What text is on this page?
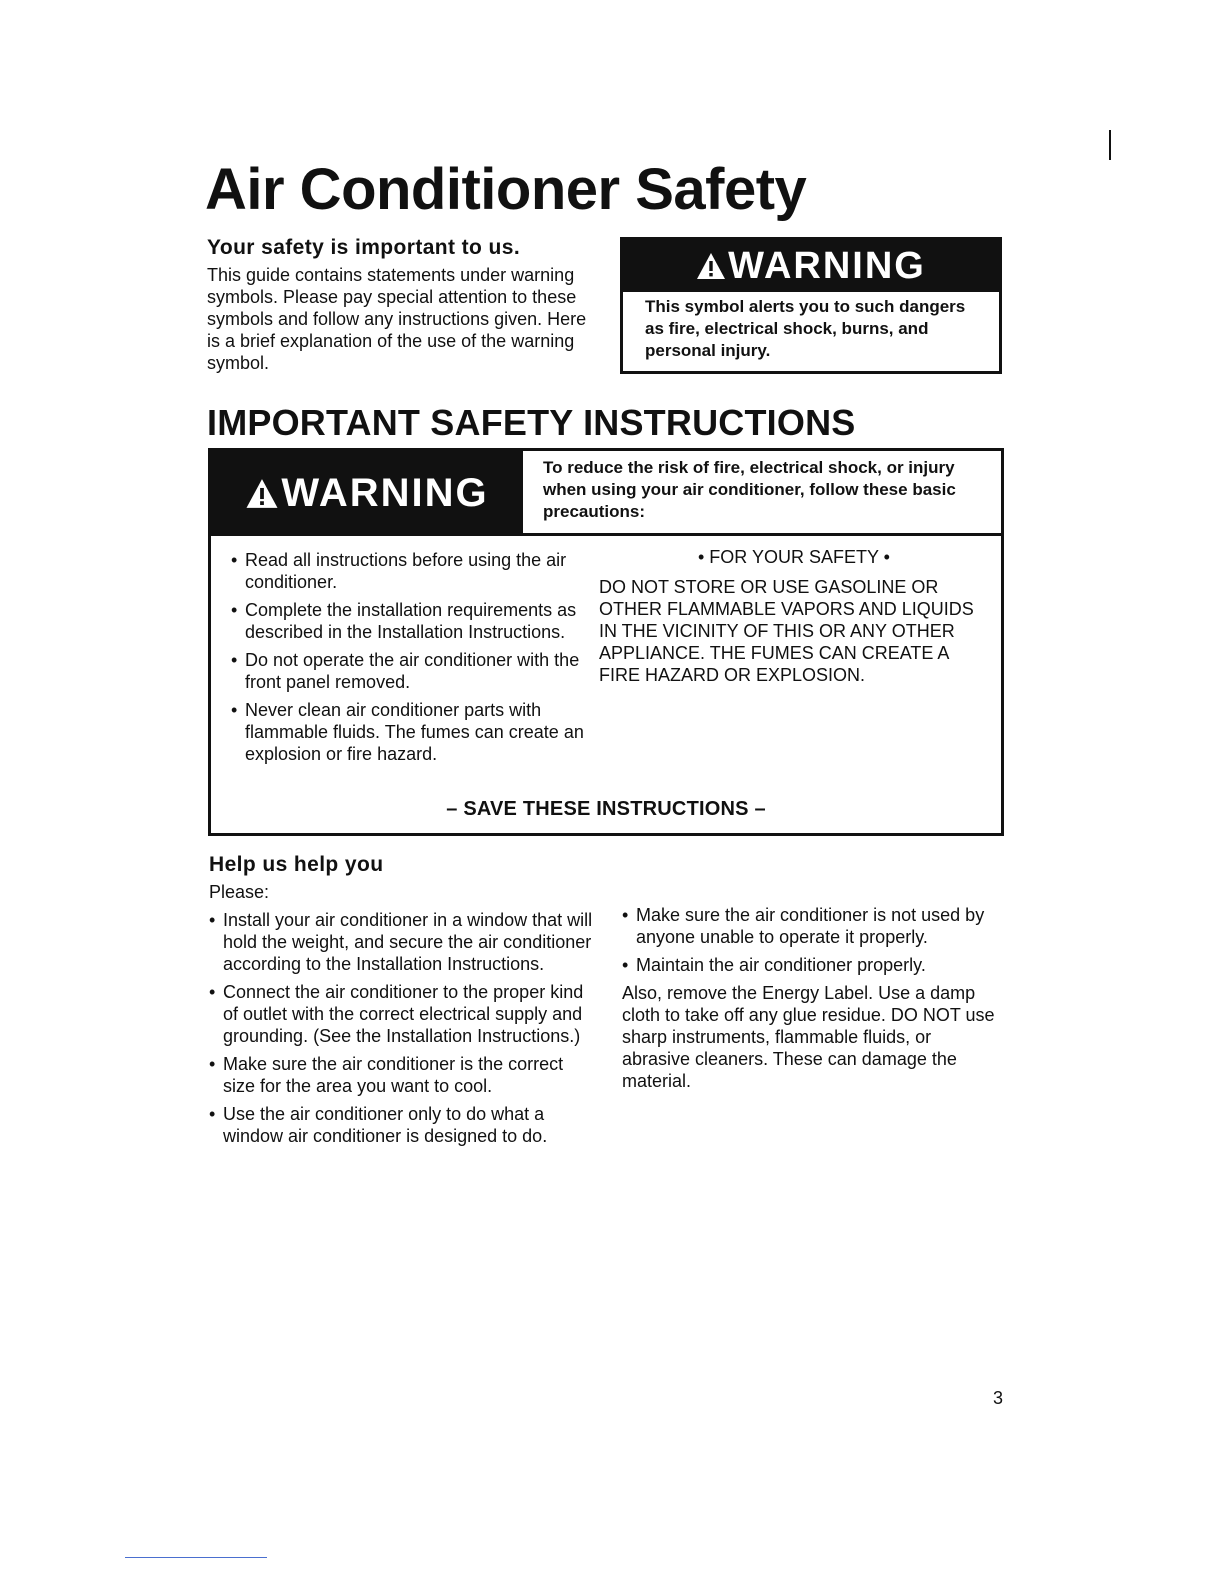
Air Conditioner Safety
Your safety is important to us.

This guide contains statements under warning symbols. Please pay special attention to these symbols and follow any instructions given. Here is a brief explanation of the use of the warning symbol.

WARNING
This symbol alerts you to such dangers as fire, electrical shock, burns, and personal injury.
IMPORTANT SAFETY INSTRUCTIONS
WARNING
To reduce the risk of fire, electrical shock, or injury when using your air conditioner, follow these basic precautions:
• Read all instructions before using the air conditioner.
• Complete the installation requirements as described in the Installation Instructions.
• Do not operate the air conditioner with the front panel removed.
• Never clean air conditioner parts with flammable fluids. The fumes can create an explosion or fire hazard.

• FOR YOUR SAFETY •

DO NOT STORE OR USE GASOLINE OR OTHER FLAMMABLE VAPORS AND LIQUIDS IN THE VICINITY OF THIS OR ANY OTHER APPLIANCE. THE FUMES CAN CREATE A FIRE HAZARD OR EXPLOSION.

– SAVE THESE INSTRUCTIONS –
Help us help you

Please:

• Install your air conditioner in a window that will hold the weight, and secure the air conditioner according to the Installation Instructions.
• Connect the air conditioner to the proper kind of outlet with the correct electrical supply and grounding. (See the Installation Instructions.)
• Make sure the air conditioner is the correct size for the area you want to cool.
• Use the air conditioner only to do what a window air conditioner is designed to do.
• Make sure the air conditioner is not used by anyone unable to operate it properly.
• Maintain the air conditioner properly.

Also, remove the Energy Label. Use a damp cloth to take off any glue residue. DO NOT use sharp instruments, flammable fluids, or abrasive cleaners. These can damage the material.

3
